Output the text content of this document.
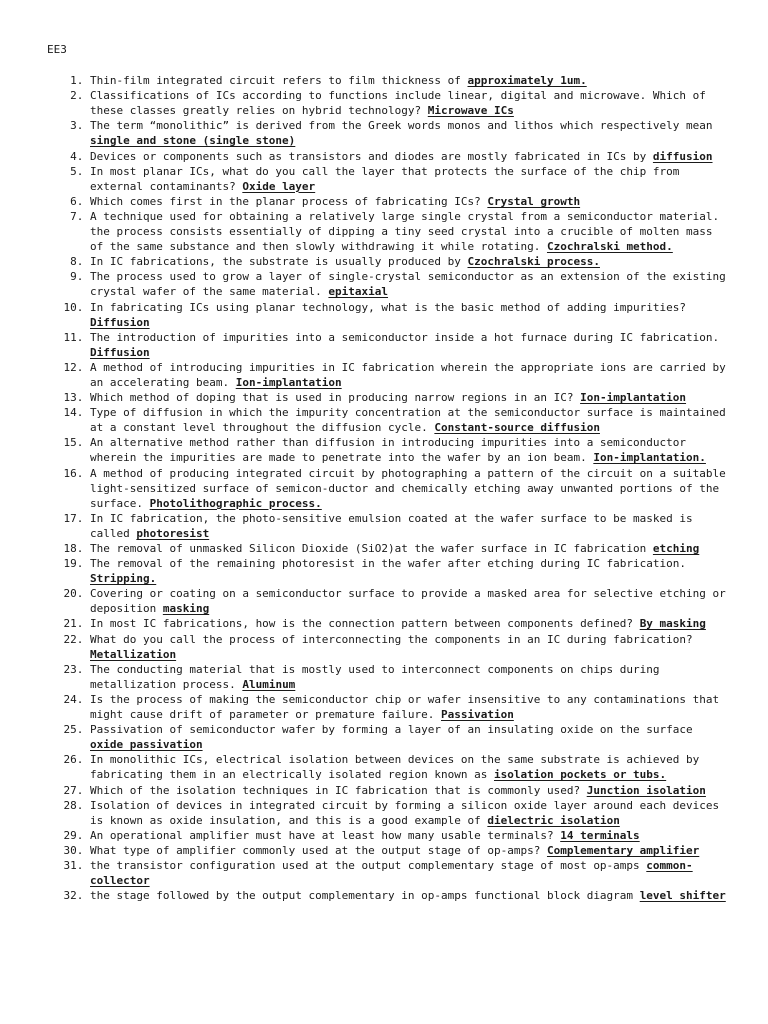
EE3
1. Thin-film integrated circuit refers to film thickness of approximately 1um.
2. Classifications of ICs according to functions include linear, digital and microwave. Which of these classes greatly relies on hybrid technology? Microwave ICs
3. The term “monolithic” is derived from the Greek words monos and lithos which respectively mean single and stone (single stone)
4. Devices or components such as transistors and diodes are mostly fabricated in ICs by diffusion
5. In most planar ICs, what do you call the layer that protects the surface of the chip from external contaminants? Oxide layer
6. Which comes first in the planar process of fabricating ICs? Crystal growth
7. A technique used for obtaining a relatively large single crystal from a semiconductor material. the process consists essentially of dipping a tiny seed crystal into a crucible of molten mass of the same substance and then slowly withdrawing it while rotating. Czochralski method.
8. In IC fabrications, the substrate is usually produced by Czochralski process.
9. The process used to grow a layer of single-crystal semiconductor as an extension of the existing crystal wafer of the same material. epitaxial
10. In fabricating ICs using planar technology, what is the basic method of adding impurities? Diffusion
11. The introduction of impurities into a semiconductor inside a hot furnace during IC fabrication. Diffusion
12. A method of introducing impurities in IC fabrication wherein the appropriate ions are carried by an accelerating beam. Ion-implantation
13. Which method of doping that is used in producing narrow regions in an IC? Ion-implantation
14. Type of diffusion in which the impurity concentration at the semiconductor surface is maintained at a constant level throughout the diffusion cycle. Constant-source diffusion
15. An alternative method rather than diffusion in introducing impurities into a semiconductor wherein the impurities are made to penetrate into the wafer by an ion beam. Ion-implantation.
16. A method of producing integrated circuit by photographing a pattern of the circuit on a suitable light-sensitized surface of semicon-ductor and chemically etching away unwanted portions of the surface. Photolithographic process.
17. In IC fabrication, the photo-sensitive emulsion coated at the wafer surface to be masked is called photoresist
18. The removal of unmasked Silicon Dioxide (SiO2)at the wafer surface in IC fabrication etching
19. The removal of the remaining photoresist in the wafer after etching during IC fabrication. Stripping.
20. Covering or coating on a semiconductor surface to provide a masked area for selective etching or deposition masking
21. In most IC fabrications, how is the connection pattern between components defined? By masking
22. What do you call the process of interconnecting the components in an IC during fabrication? Metallization
23. The conducting material that is mostly used to interconnect components on chips during metallization process. Aluminum
24. Is the process of making the semiconductor chip or wafer insensitive to any contaminations that might cause drift of parameter or premature failure. Passivation
25. Passivation of semiconductor wafer by forming a layer of an insulating oxide on the surface oxide passivation
26. In monolithic ICs, electrical isolation between devices on the same substrate is achieved by fabricating them in an electrically isolated region known as isolation pockets or tubs.
27. Which of the isolation techniques in IC fabrication that is commonly used? Junction isolation
28. Isolation of devices in integrated circuit by forming a silicon oxide layer around each devices is known as oxide insulation, and this is a good example of dielectric isolation
29. An operational amplifier must have at least how many usable terminals? 14 terminals
30. What type of amplifier commonly used at the output stage of op-amps? Complementary amplifier
31. the transistor configuration used at the output complementary stage of most op-amps common-collector
32. the stage followed by the output complementary in op-amps functional block diagram level shifter
